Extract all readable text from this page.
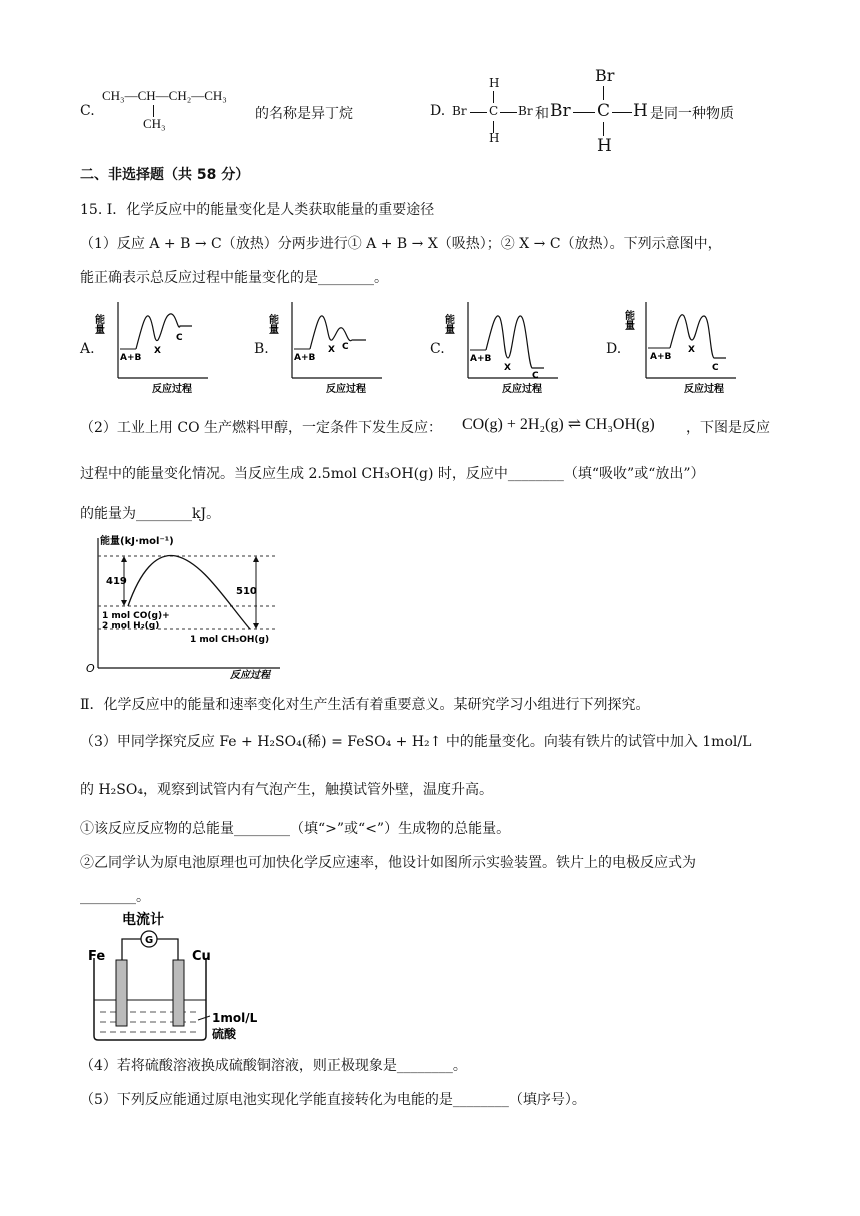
C.
CH₃—CH—CH₂—CH₃
CH₃
的名称是异丁烷	D.
H
Br C Br
H
和
Br
Br C H
H
是同一种物质
二、非选择题（共 58 分）
15. Ⅰ．化学反应中的能量变化是人类获取能量的重要途径
（1）反应 A + B → C（放热）分两步进行① A + B → X（吸热）；② X → C（放热）。下列示意图中，
能正确表示总反应过程中能量变化的是________。
A.
能量
A+B
X
C
反应过程
B.
能量
A+B
X C
反应过程
C.
能量
A+B
X
C
反应过程
D.
能量
A+B
X
C
反应过程
（2）工业上用 CO 生产燃料甲醇，一定条件下发生反应： CO(g) + 2H₂(g) ⇌ CH₃OH(g) ，下图是反应
过程中的能量变化情况。当反应生成 2.5mol CH₃OH(g) 时，反应中________（填“吸收”或“放出”）
的能量为________kJ。
能量(kJ·mol⁻¹)
O
反应过程
419
510
1 mol CO(g)+
2 mol H₂(g)
1 mol CH₃OH(g)
Ⅱ．化学反应中的能量和速率变化对生产生活有着重要意义。某研究学习小组进行下列探究。
（3）甲同学探究反应 Fe + H₂SO₄(稀) = FeSO₄ + H₂↑ 中的能量变化。向装有铁片的试管中加入 1mol/L
的 H₂SO₄，观察到试管内有气泡产生，触摸试管外壁，温度升高。
①该反应反应物的总能量________（填“>”或“<”）生成物的总能量。
②乙同学认为原电池原理也可加快化学反应速率，他设计如图所示实验装置。铁片上的电极反应式为
________。
电流计
G
Fe	Cu
1mol/L
硫酸
（4）若将硫酸溶液换成硫酸铜溶液，则正极现象是________。
（5）下列反应能通过原电池实现化学能直接转化为电能的是________（填序号）。
